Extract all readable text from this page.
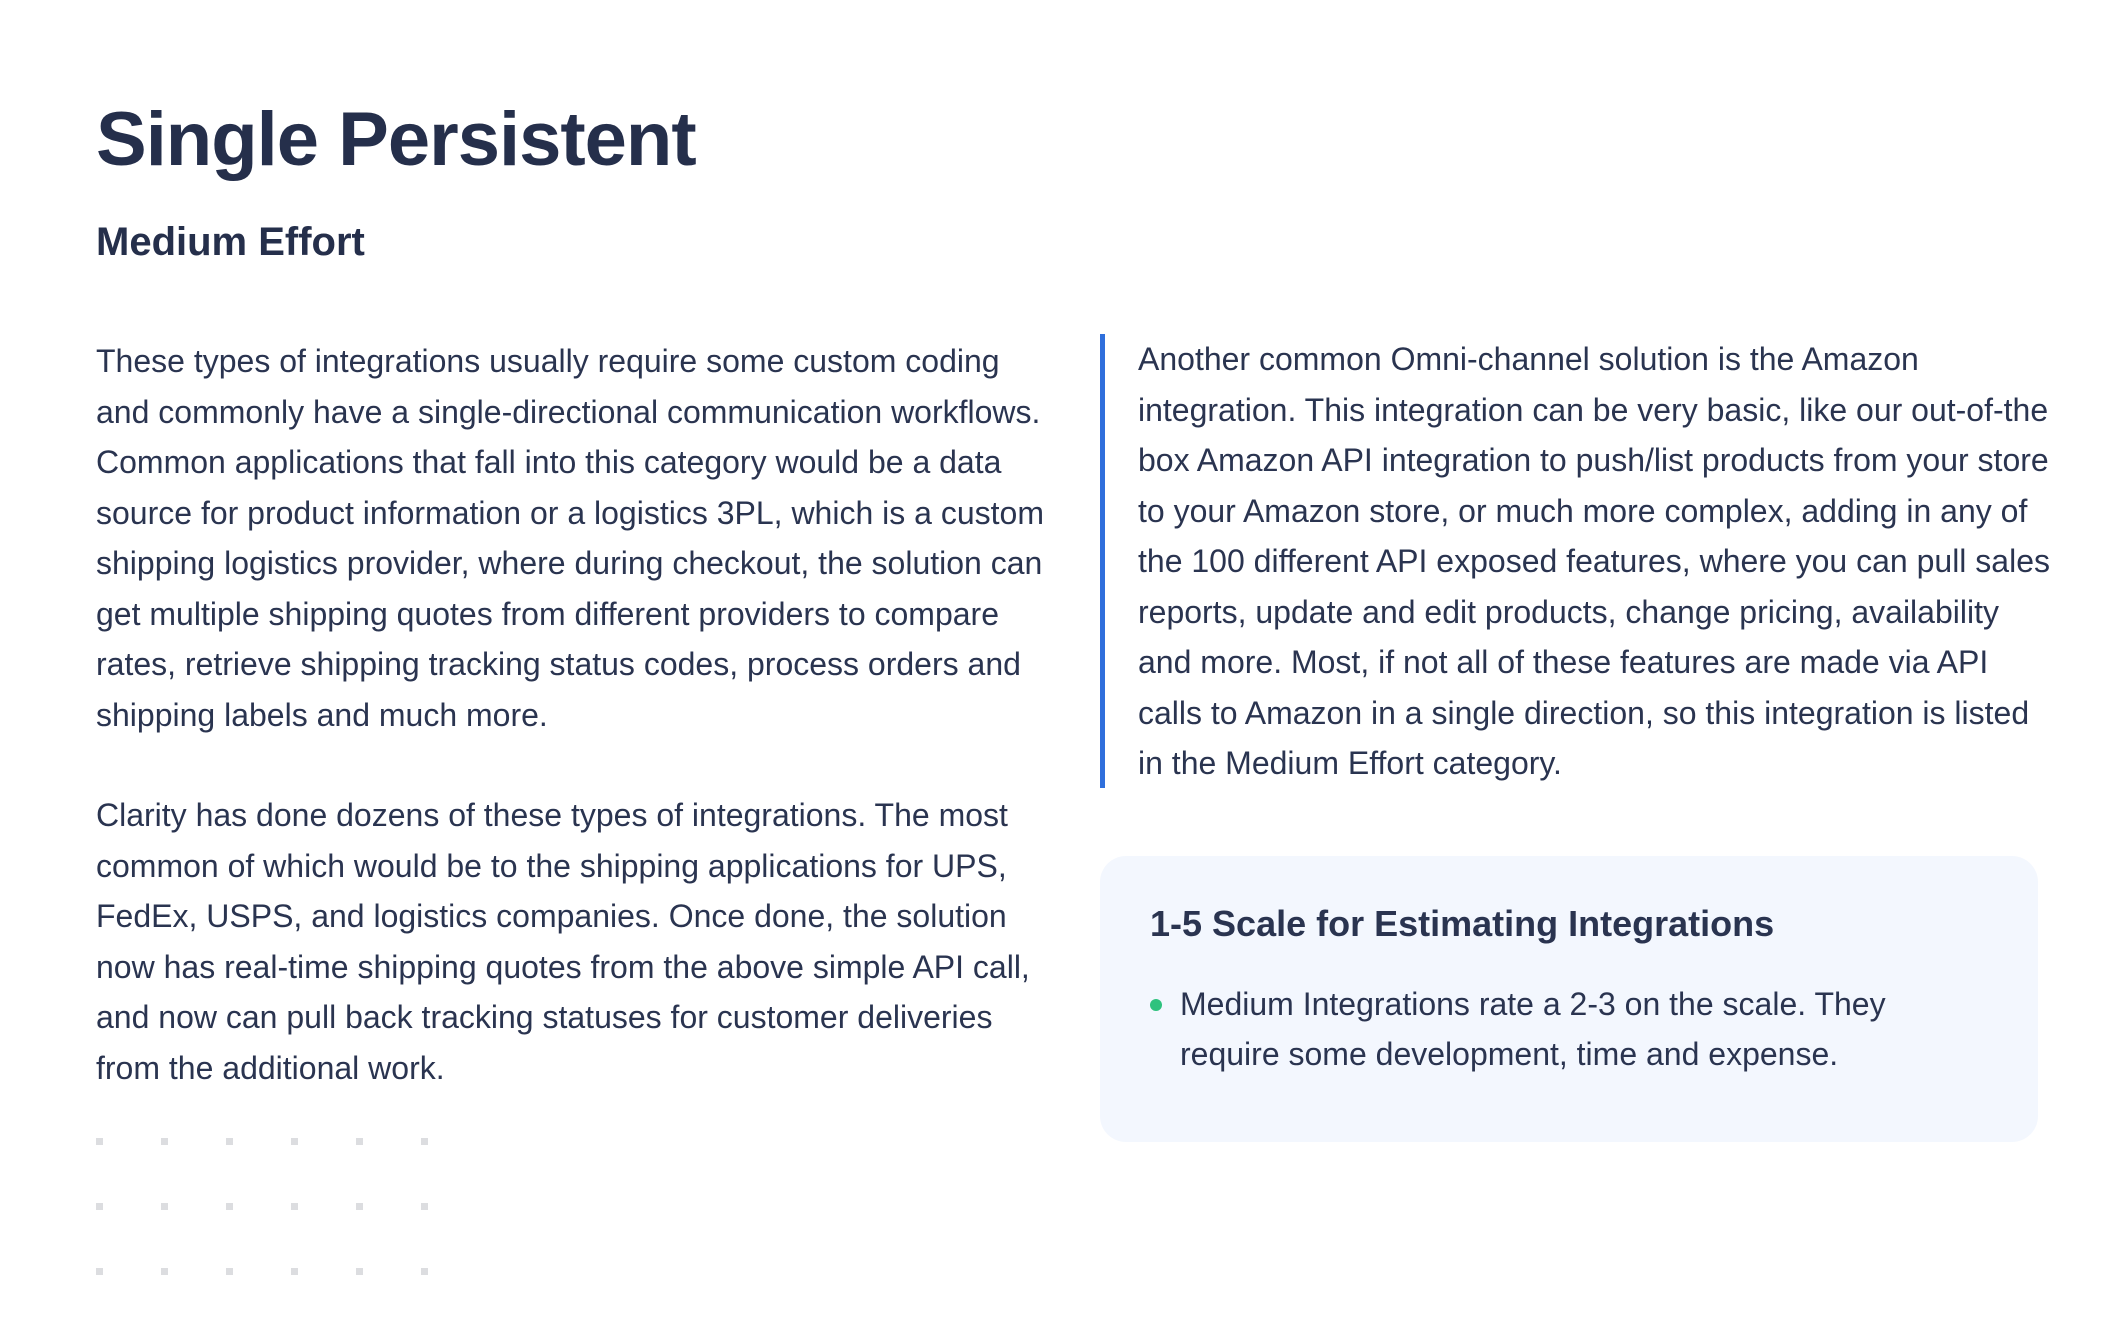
Single Persistent
Medium Effort

These types of integrations usually require some custom coding and commonly have a single-directional communication workflows. Common applications that fall into this category would be a data source for product information or a logistics 3PL, which is a custom shipping logistics provider, where during checkout, the solution can get multiple shipping quotes from different providers to compare rates, retrieve shipping tracking status codes, process orders and shipping labels and much more.

Clarity has done dozens of these types of integrations. The most common of which would be to the shipping applications for UPS, FedEx, USPS, and logistics companies. Once done, the solution now has real-time shipping quotes from the above simple API call, and now can pull back tracking statuses for customer deliveries from the additional work.

Another common Omni-channel solution is the Amazon integration. This integration can be very basic, like our out-of-the box Amazon API integration to push/list products from your store to your Amazon store, or much more complex, adding in any of the 100 different API exposed features, where you can pull sales reports, update and edit products, change pricing, availability and more. Most, if not all of these features are made via API calls to Amazon in a single direction, so this integration is listed in the Medium Effort category.

1-5 Scale for Estimating Integrations
Medium Integrations rate a 2-3 on the scale. They require some development, time and expense.
